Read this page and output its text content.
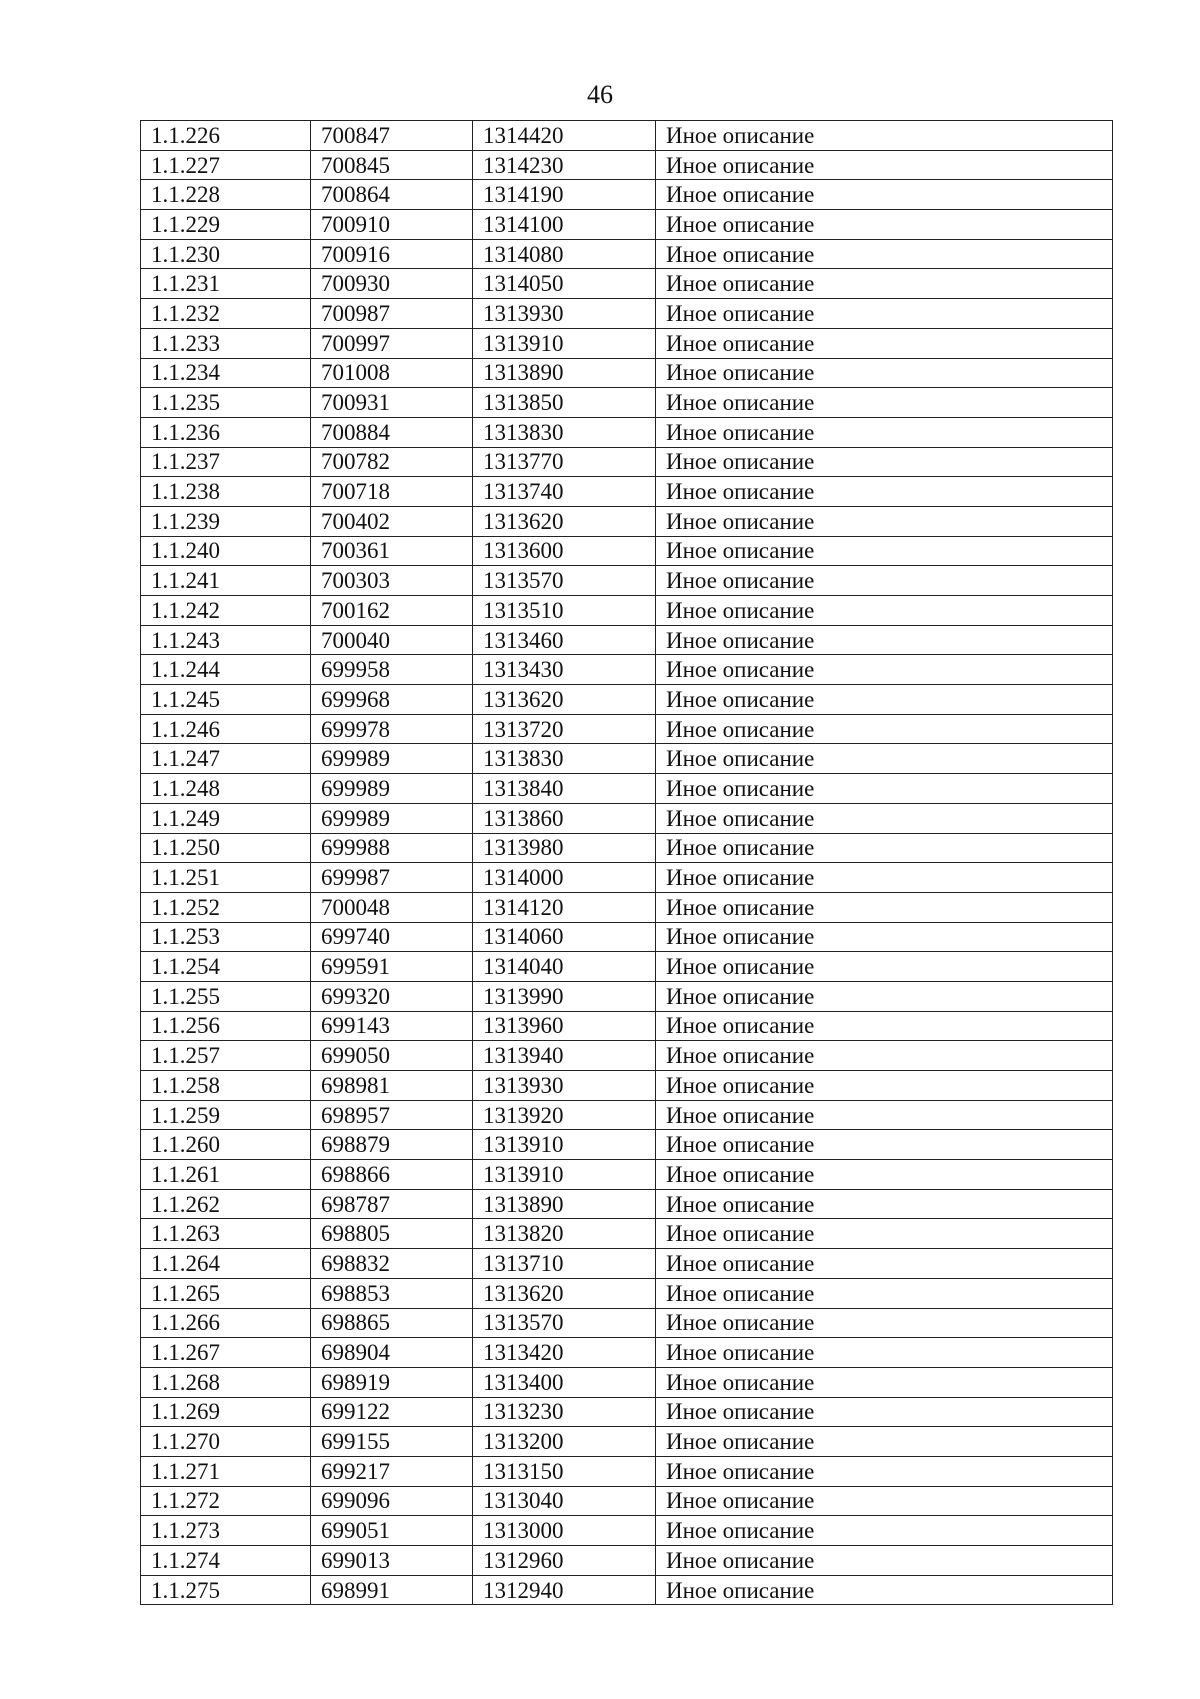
46
1.1.226	700847	1314420	Иное описание
1.1.227	700845	1314230	Иное описание
1.1.228	700864	1314190	Иное описание
1.1.229	700910	1314100	Иное описание
1.1.230	700916	1314080	Иное описание
1.1.231	700930	1314050	Иное описание
1.1.232	700987	1313930	Иное описание
1.1.233	700997	1313910	Иное описание
1.1.234	701008	1313890	Иное описание
1.1.235	700931	1313850	Иное описание
1.1.236	700884	1313830	Иное описание
1.1.237	700782	1313770	Иное описание
1.1.238	700718	1313740	Иное описание
1.1.239	700402	1313620	Иное описание
1.1.240	700361	1313600	Иное описание
1.1.241	700303	1313570	Иное описание
1.1.242	700162	1313510	Иное описание
1.1.243	700040	1313460	Иное описание
1.1.244	699958	1313430	Иное описание
1.1.245	699968	1313620	Иное описание
1.1.246	699978	1313720	Иное описание
1.1.247	699989	1313830	Иное описание
1.1.248	699989	1313840	Иное описание
1.1.249	699989	1313860	Иное описание
1.1.250	699988	1313980	Иное описание
1.1.251	699987	1314000	Иное описание
1.1.252	700048	1314120	Иное описание
1.1.253	699740	1314060	Иное описание
1.1.254	699591	1314040	Иное описание
1.1.255	699320	1313990	Иное описание
1.1.256	699143	1313960	Иное описание
1.1.257	699050	1313940	Иное описание
1.1.258	698981	1313930	Иное описание
1.1.259	698957	1313920	Иное описание
1.1.260	698879	1313910	Иное описание
1.1.261	698866	1313910	Иное описание
1.1.262	698787	1313890	Иное описание
1.1.263	698805	1313820	Иное описание
1.1.264	698832	1313710	Иное описание
1.1.265	698853	1313620	Иное описание
1.1.266	698865	1313570	Иное описание
1.1.267	698904	1313420	Иное описание
1.1.268	698919	1313400	Иное описание
1.1.269	699122	1313230	Иное описание
1.1.270	699155	1313200	Иное описание
1.1.271	699217	1313150	Иное описание
1.1.272	699096	1313040	Иное описание
1.1.273	699051	1313000	Иное описание
1.1.274	699013	1312960	Иное описание
1.1.275	698991	1312940	Иное описание
